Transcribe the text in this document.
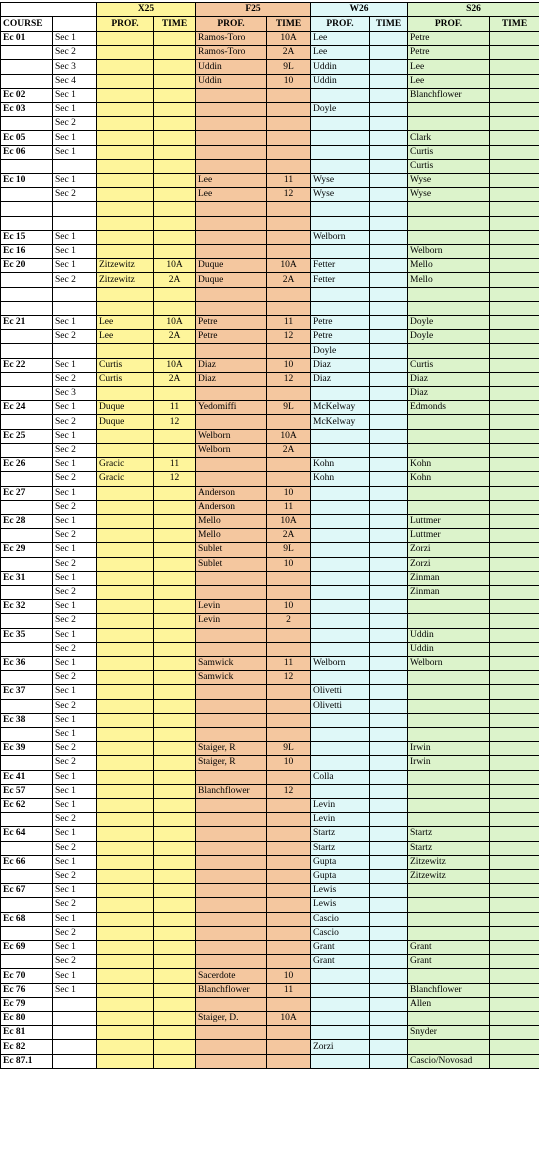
		X25		F25		W26		S26	
COURSE		PROF.	TIME	PROF.	TIME	PROF.	TIME	PROF.	TIME
Ec 01	Sec 1			Ramos-Toro	10A	Lee		Petre	
	Sec 2			Ramos-Toro	2A	Lee		Petre	
	Sec 3			Uddin	9L	Uddin		Lee	
	Sec 4			Uddin	10	Uddin		Lee	
Ec 02	Sec 1							Blanchflower	
Ec 03	Sec 1					Doyle			
	Sec 2								
Ec 05	Sec 1							Clark	
Ec 06	Sec 1							Curtis	
								Curtis	
Ec 10	Sec 1			Lee	11	Wyse		Wyse	
	Sec 2			Lee	12	Wyse		Wyse	

Ec 15	Sec 1					Welborn			
Ec 16	Sec 1							Welborn	
Ec 20	Sec 1	Zitzewitz	10A	Duque	10A	Fetter		Mello	
	Sec 2	Zitzewitz	2A	Duque	2A	Fetter		Mello	

Ec 21	Sec 1	Lee	10A	Petre	11	Petre		Doyle	
	Sec 2	Lee	2A	Petre	12	Petre		Doyle	
						Doyle			
Ec 22	Sec 1	Curtis	10A	Diaz	10	Diaz		Curtis	
	Sec 2	Curtis	2A	Diaz	12	Diaz		Diaz	
	Sec 3							Diaz	
Ec 24	Sec 1	Duque	11	Yedomiffi	9L	McKelway		Edmonds	
	Sec 2	Duque	12			McKelway			
Ec 25	Sec 1			Welborn	10A				
	Sec 2			Welborn	2A				
Ec 26	Sec 1	Gracic	11			Kohn		Kohn	
	Sec 2	Gracic	12			Kohn		Kohn	
Ec 27	Sec 1			Anderson	10				
	Sec 2			Anderson	11				
Ec 28	Sec 1			Mello	10A			Luttmer	
	Sec 2			Mello	2A			Luttmer	
Ec 29	Sec 1			Sublet	9L			Zorzi	
	Sec 2			Sublet	10			Zorzi	
Ec 31	Sec 1							Zinman	
	Sec 2							Zinman	
Ec 32	Sec 1			Levin	10				
	Sec 2			Levin	2				
Ec 35	Sec 1							Uddin	
	Sec 2							Uddin	
Ec 36	Sec 1			Samwick	11	Welborn		Welborn	
	Sec 2			Samwick	12				
Ec 37	Sec 1					Olivetti			
	Sec 2					Olivetti			
Ec 38	Sec 1								
	Sec 1								
Ec 39	Sec 2			Staiger, R	9L			Irwin	
	Sec 2			Staiger, R	10			Irwin	
Ec 41	Sec 1					Colla			
Ec 57	Sec 1			Blanchflower	12				
Ec 62	Sec 1					Levin			
	Sec 2					Levin			
Ec 64	Sec 1					Startz		Startz	
	Sec 2					Startz		Startz	
Ec 66	Sec 1					Gupta		Zitzewitz	
	Sec 2					Gupta		Zitzewitz	
Ec 67	Sec 1					Lewis			
	Sec 2					Lewis			
Ec 68	Sec 1					Cascio			
	Sec 2					Cascio			
Ec 69	Sec 1					Grant		Grant	
	Sec 2					Grant		Grant	
Ec 70	Sec 1			Sacerdote	10				
Ec 76	Sec 1			Blanchflower	11			Blanchflower	
Ec 79								Allen	
Ec 80				Staiger, D.	10A				
Ec 81								Snyder	
Ec 82						Zorzi			
Ec 87.1								Cascio/Novosad	
